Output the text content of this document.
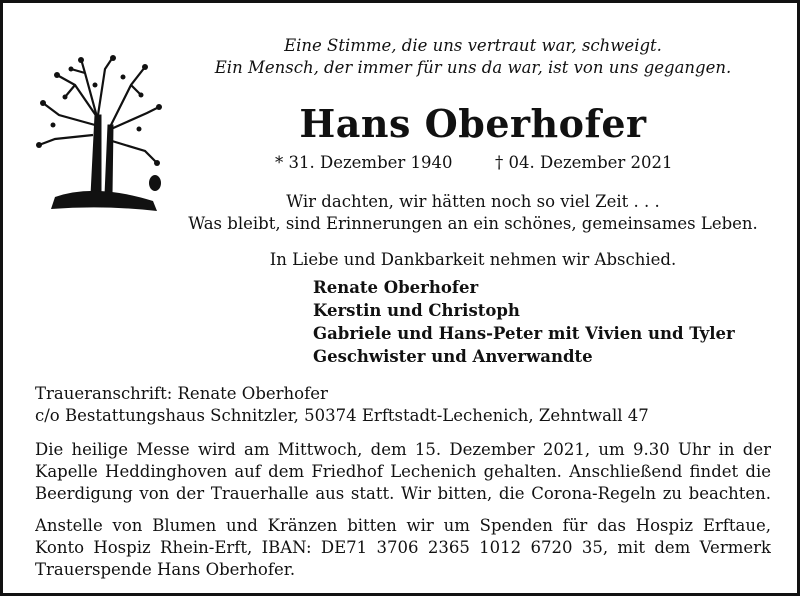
Eine Stimme, die uns vertraut war, schweigt.
Ein Mensch, der immer für uns da war, ist von uns gegangen.
Hans Oberhofer
* 31. Dezember 1940	† 04. Dezember 2021
Wir dachten, wir hätten noch so viel Zeit . . .
Was bleibt, sind Erinnerungen an ein schönes, gemeinsames Leben.
In Liebe und Dankbarkeit nehmen wir Abschied.
Renate Oberhofer
Kerstin und Christoph
Gabriele und Hans-Peter mit Vivien und Tyler
Geschwister und Anverwandte
Traueranschrift: Renate Oberhofer
c/o Bestattungshaus Schnitzler, 50374 Erftstadt-Lechenich, Zehntwall 47
Die heilige Messe wird am Mittwoch, dem 15. Dezember 2021, um 9.30 Uhr in der
Kapelle Heddinghoven auf dem Friedhof Lechenich gehalten. Anschließend findet die
Beerdigung von der Trauerhalle aus statt. Wir bitten, die Corona-Regeln zu beachten.
Anstelle von Blumen und Kränzen bitten wir um Spenden für das Hospiz Erftaue,
Konto Hospiz Rhein-Erft, IBAN: DE71 3706 2365 1012 6720 35, mit dem Vermerk
Trauerspende Hans Oberhofer.
